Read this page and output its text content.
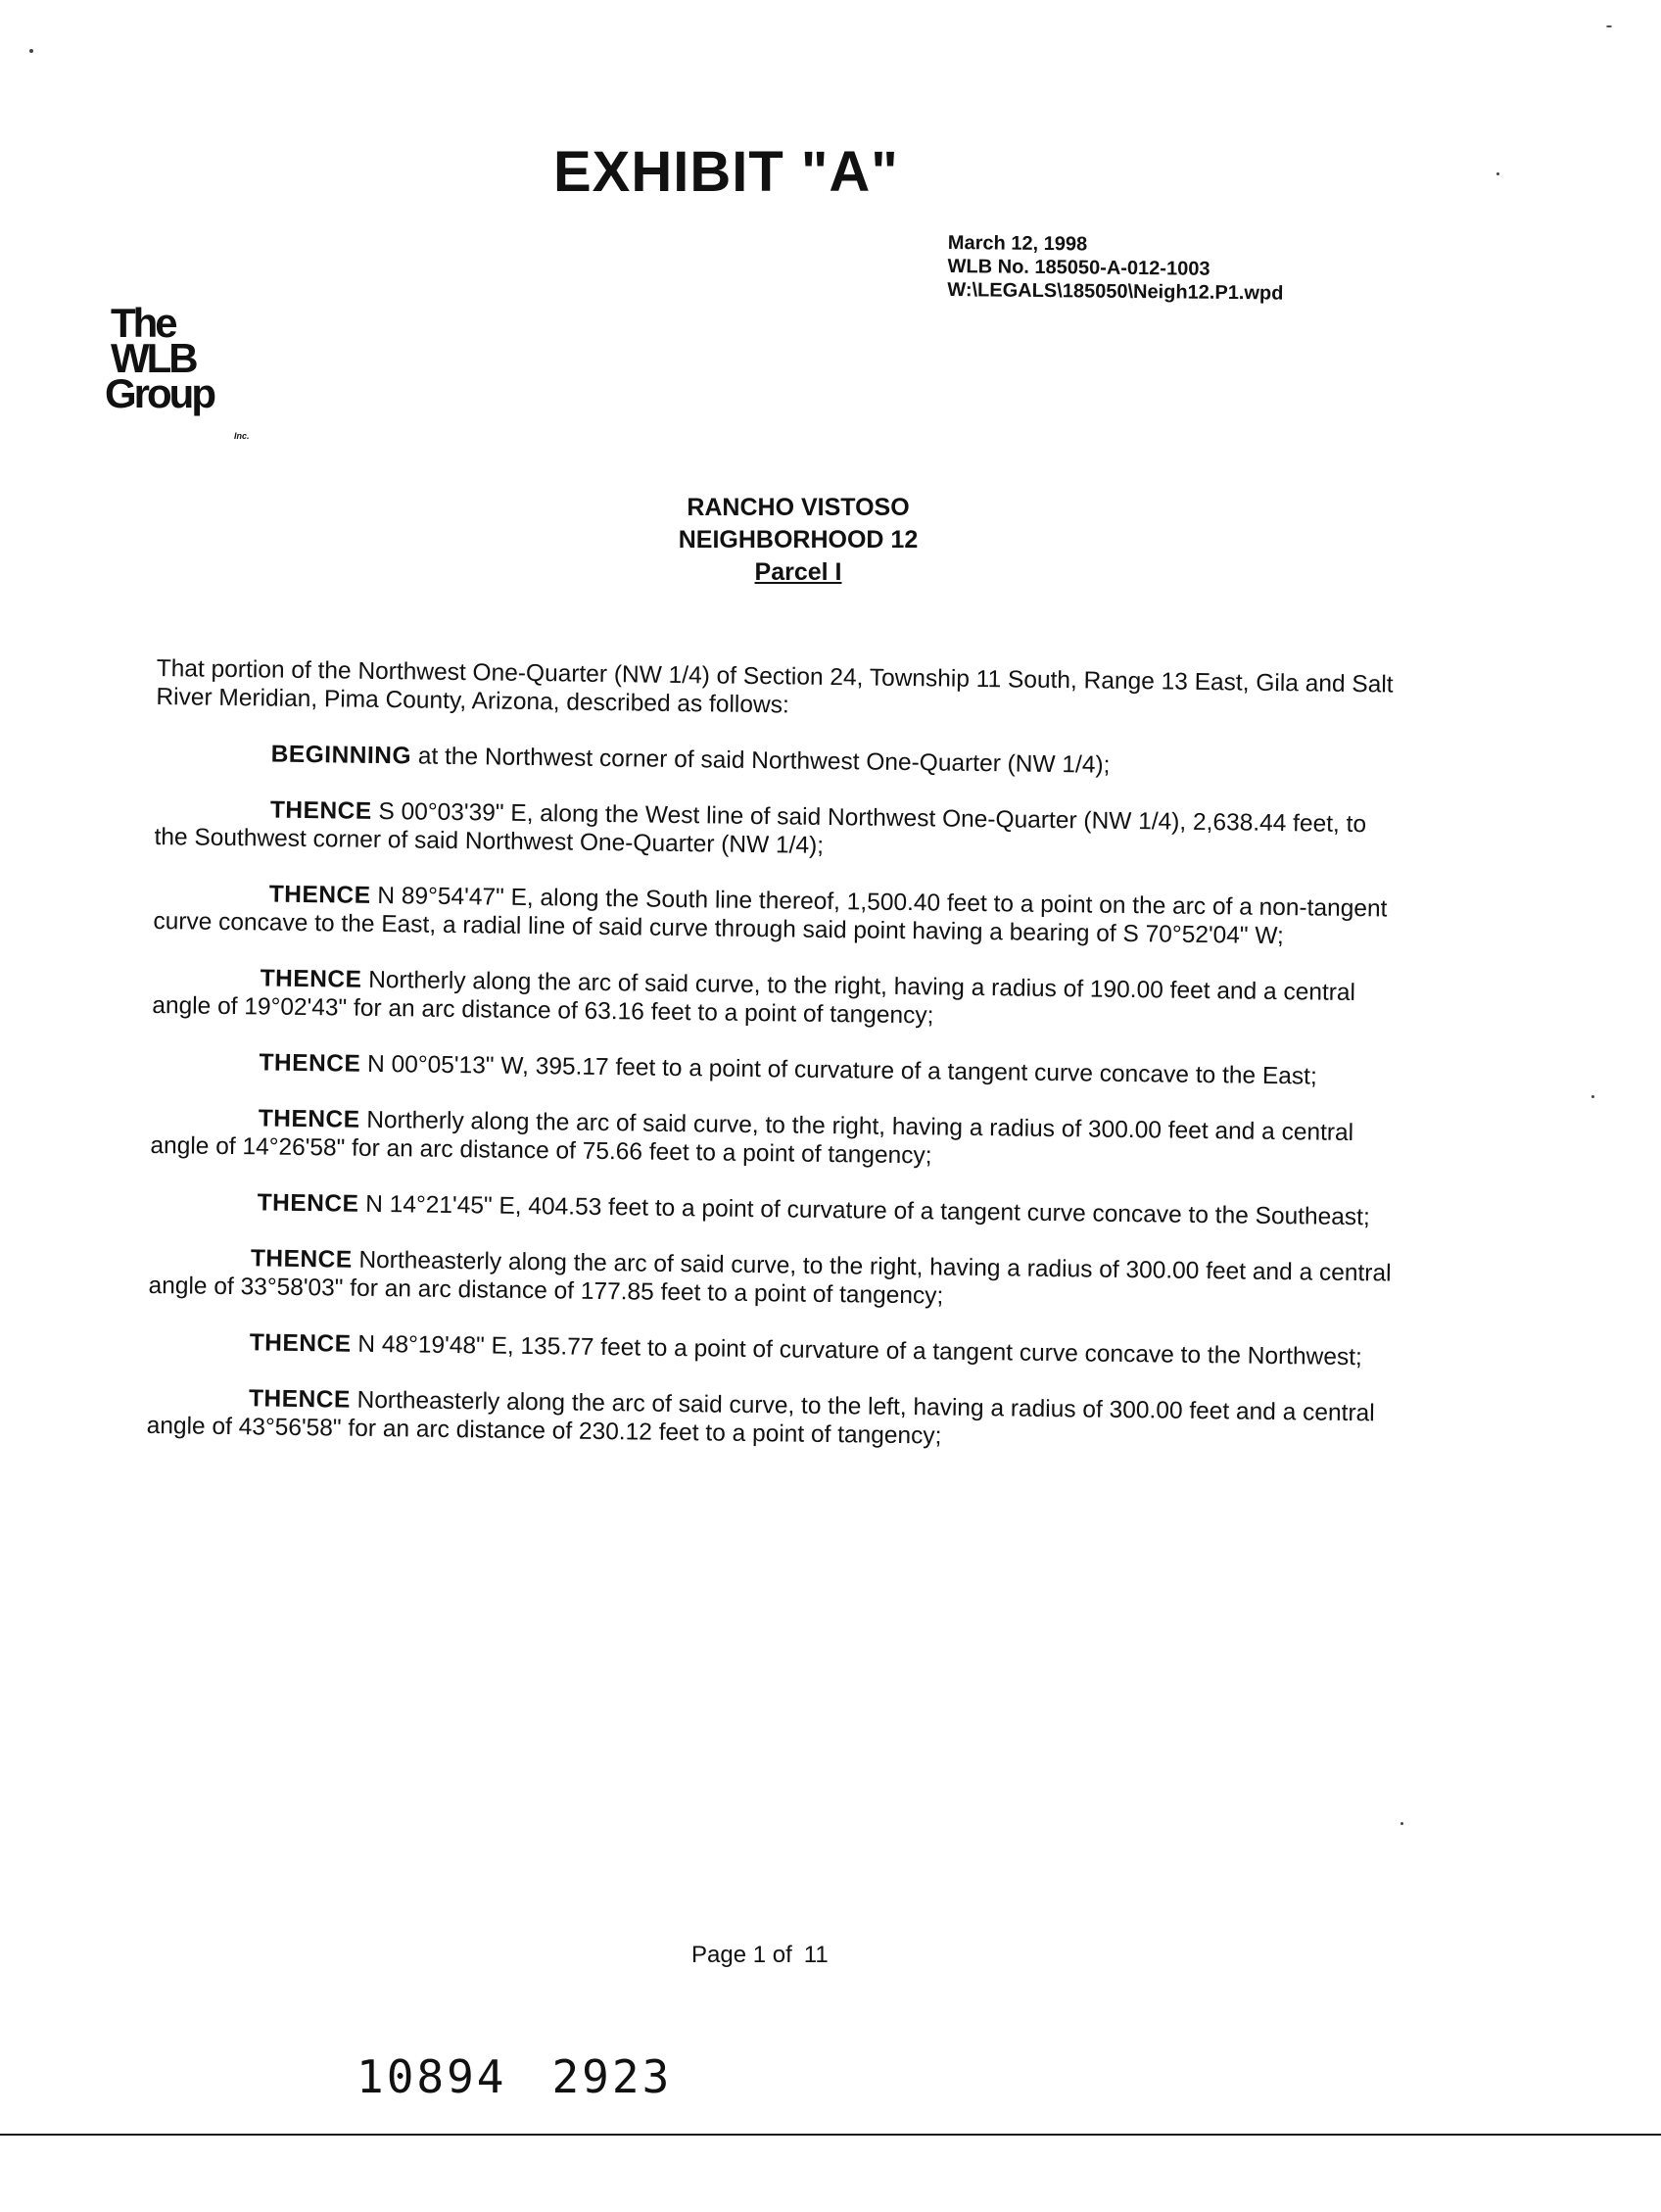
EXHIBIT "A"
March 12, 1998
WLB No. 185050-A-012-1003
W:\LEGALS\185050\Neigh12.P1.wpd
The
WLB
Group
Inc.
RANCHO VISTOSO
NEIGHBORHOOD 12
Parcel I

That portion of the Northwest One-Quarter (NW 1/4) of Section 24, Township 11 South, Range 13 East, Gila and Salt River Meridian, Pima County, Arizona, described as follows:

BEGINNING at the Northwest corner of said Northwest One-Quarter (NW 1/4);

THENCE S 00°03'39" E, along the West line of said Northwest One-Quarter (NW 1/4), 2,638.44 feet, to the Southwest corner of said Northwest One-Quarter (NW 1/4);

THENCE N 89°54'47" E, along the South line thereof, 1,500.40 feet to a point on the arc of a non-tangent curve concave to the East, a radial line of said curve through said point having a bearing of S 70°52'04" W;

THENCE Northerly along the arc of said curve, to the right, having a radius of 190.00 feet and a central angle of 19°02'43" for an arc distance of 63.16 feet to a point of tangency;

THENCE N 00°05'13" W, 395.17 feet to a point of curvature of a tangent curve concave to the East;

THENCE Northerly along the arc of said curve, to the right, having a radius of 300.00 feet and a central angle of 14°26'58" for an arc distance of 75.66 feet to a point of tangency;

THENCE N 14°21'45" E, 404.53 feet to a point of curvature of a tangent curve concave to the Southeast;

THENCE Northeasterly along the arc of said curve, to the right, having a radius of 300.00 feet and a central angle of 33°58'03" for an arc distance of 177.85 feet to a point of tangency;

THENCE N 48°19'48" E, 135.77 feet to a point of curvature of a tangent curve concave to the Northwest;

THENCE Northeasterly along the arc of said curve, to the left, having a radius of 300.00 feet and a central angle of 43°56'58" for an arc distance of 230.12 feet to a point of tangency;

Page 1 of 11
10894 2923
